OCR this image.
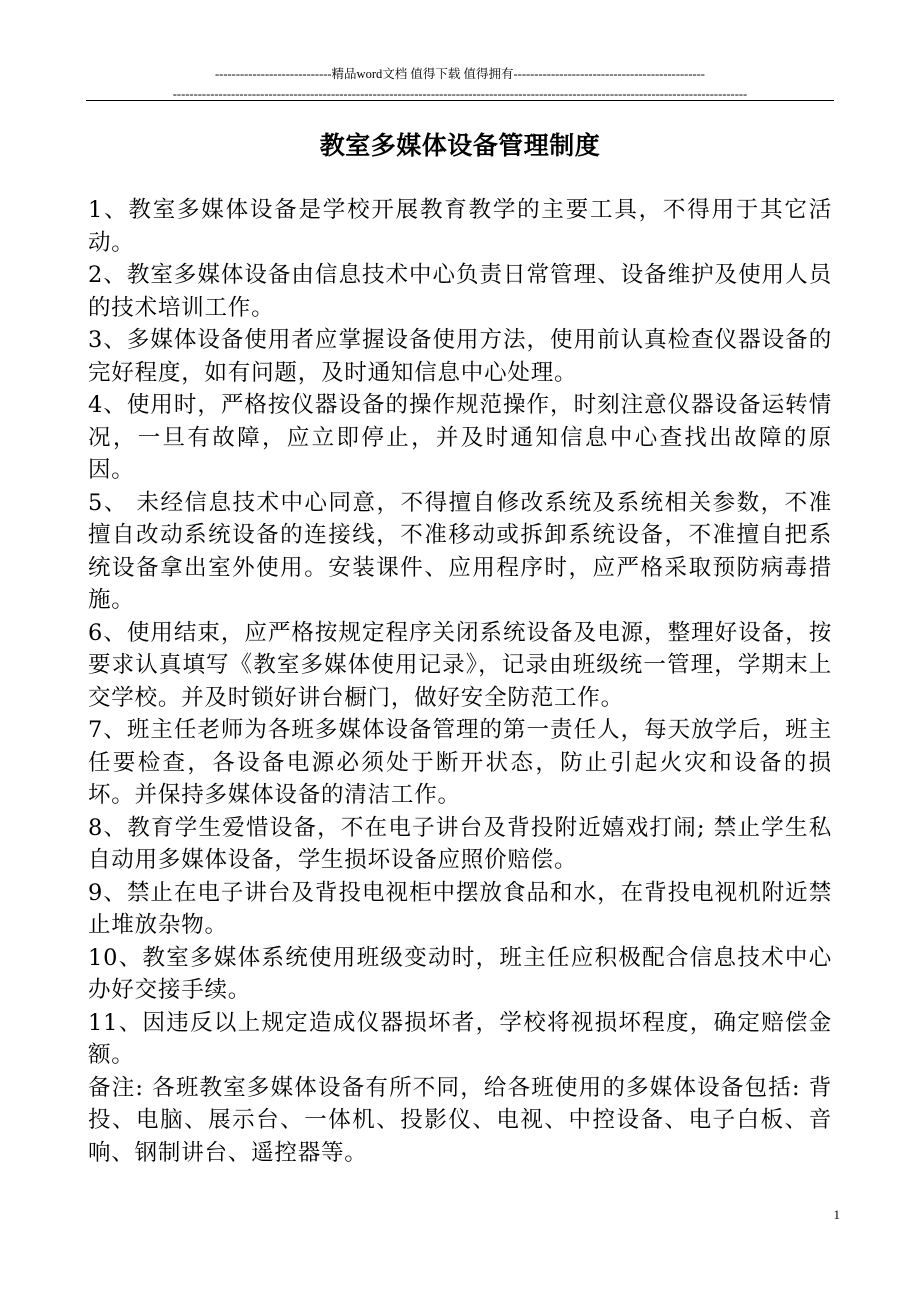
----------------------------精品word文档 值得下载 值得拥有----------------------------------------------
------------------------------------------------------------------------------------------------------------------------------------------
教室多媒体设备管理制度

1、教室多媒体设备是学校开展教育教学的主要工具，不得用于其它活动。

2、教室多媒体设备由信息技术中心负责日常管理、设备维护及使用人员的技术培训工作。

3、多媒体设备使用者应掌握设备使用方法，使用前认真检查仪器设备的完好程度，如有问题，及时通知信息中心处理。

4、使用时，严格按仪器设备的操作规范操作，时刻注意仪器设备运转情况，一旦有故障，应立即停止，并及时通知信息中心查找出故障的原因。

5、 未经信息技术中心同意，不得擅自修改系统及系统相关参数，不准擅自改动系统设备的连接线，不准移动或拆卸系统设备，不准擅自把系统设备拿出室外使用。安装课件、应用程序时，应严格采取预防病毒措施。

6、使用结束，应严格按规定程序关闭系统设备及电源，整理好设备，按要求认真填写《教室多媒体使用记录》，记录由班级统一管理，学期末上交学校。并及时锁好讲台橱门，做好安全防范工作。

7、班主任老师为各班多媒体设备管理的第一责任人，每天放学后，班主任要检查，各设备电源必须处于断开状态，防止引起火灾和设备的损坏。并保持多媒体设备的清洁工作。

8、教育学生爱惜设备，不在电子讲台及背投附近嬉戏打闹; 禁止学生私自动用多媒体设备，学生损坏设备应照价赔偿。

9、禁止在电子讲台及背投电视柜中摆放食品和水，在背投电视机附近禁止堆放杂物。

10、教室多媒体系统使用班级变动时，班主任应积极配合信息技术中心办好交接手续。

11、因违反以上规定造成仪器损坏者，学校将视损坏程度，确定赔偿金额。

备注: 各班教室多媒体设备有所不同，给各班使用的多媒体设备包括: 背投、电脑、展示台、一体机、投影仪、电视、中控设备、电子白板、音响、钢制讲台、遥控器等。

1
